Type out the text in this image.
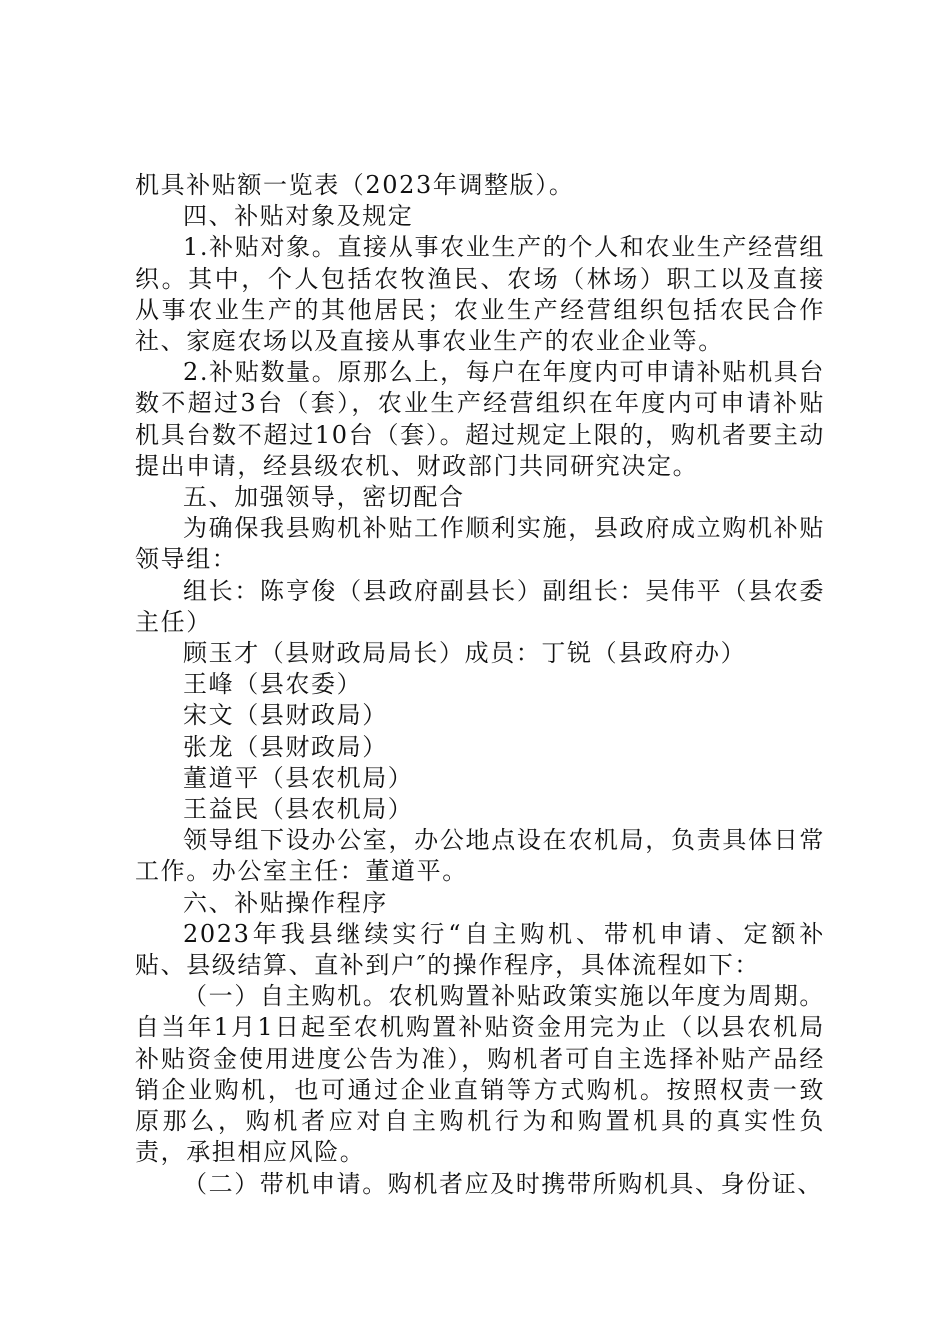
机具补贴额一览表（2023年调整版）。

四、补贴对象及规定

1.补贴对象。直接从事农业生产的个人和农业生产经营组织。其中，个人包括农牧渔民、农场（林场）职工以及直接从事农业生产的其他居民；农业生产经营组织包括农民合作社、家庭农场以及直接从事农业生产的农业企业等。

2.补贴数量。原那么上，每户在年度内可申请补贴机具台数不超过3台（套），农业生产经营组织在年度内可申请补贴机具台数不超过10台（套）。超过规定上限的，购机者要主动提出申请，经县级农机、财政部门共同研究决定。

五、加强领导，密切配合

为确保我县购机补贴工作顺利实施，县政府成立购机补贴领导组：

组长：陈亨俊（县政府副县长）副组长：吴伟平（县农委主任）

顾玉才（县财政局局长）成员：丁锐（县政府办）

王峰（县农委）

宋文（县财政局）

张龙（县财政局）

董道平（县农机局）

王益民（县农机局）

领导组下设办公室，办公地点设在农机局，负责具体日常工作。办公室主任：董道平。

六、补贴操作程序

2023年我县继续实行“自主购机、带机申请、定额补贴、县级结算、直补到户″的操作程序，具体流程如下：

（一）自主购机。农机购置补贴政策实施以年度为周期。自当年1月1日起至农机购置补贴资金用完为止（以县农机局补贴资金使用进度公告为准），购机者可自主选择补贴产品经销企业购机，也可通过企业直销等方式购机。按照权责一致原那么，购机者应对自主购机行为和购置机具的真实性负责，承担相应风险。

（二）带机申请。购机者应及时携带所购机具、身份证、
